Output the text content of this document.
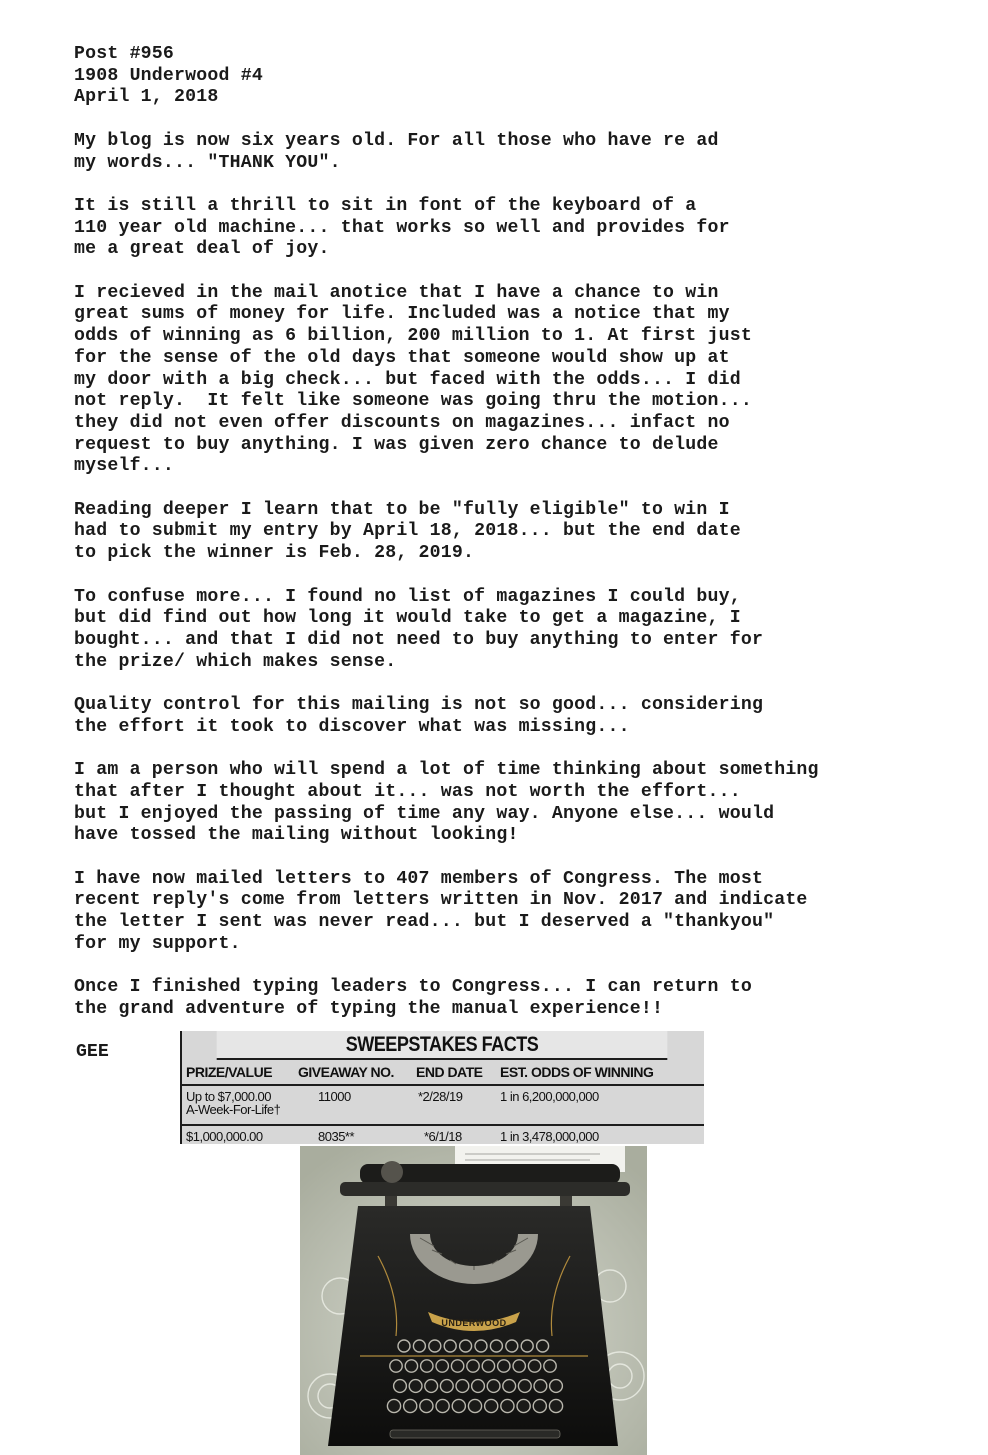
Post #956
1908 Underwood #4
April 1, 2018
My blog is now six years old. For all those who have re ad
my words... "THANK YOU".
It is still a thrill to sit in font of the keyboard of a
110 year old machine... that works so well and provides for
me a great deal of joy.
I recieved in the mail anotice that I have a chance to win
great sums of money for life. Included was a notice that my
odds of winning as 6 billion, 200 million to 1. At first just
for the sense of the old days that someone would show up at
my door with a big check... but faced with the odds... I did
not reply.  It felt like someone was going thru the motion...
they did not even offer discounts on magazines... infact no
request to buy anything. I was given zero chance to delude
myself...
Reading deeper I learn that to be "fully eligible" to win I
had to submit my entry by April 18, 2018... but the end date
to pick the winner is Feb. 28, 2019.
To confuse more... I found no list of magazines I could buy,
but did find out how long it would take to get a magazine, I
bought... and that I did not need to buy anything to enter for
the prize/ which makes sense.
Quality control for this mailing is not so good... considering
the effort it took to discover what was missing...
I am a person who will spend a lot of time thinking about something
that after I thought about it... was not worth the effort...
but I enjoyed the passing of time any way. Anyone else... would
have tossed the mailing without looking!
I have now mailed letters to 407 members of Congress. The most
recent reply's come from letters written in Nov. 2017 and indicate
the letter I sent was never read... but I deserved a "thankyou"
for my support.
Once I finished typing leaders to Congress... I can return to
the grand adventure of typing the manual experience!!
GEE	SWEEPSTAKES FACTS
PRIZE/VALUE	GIVEAWAY NO.	END DATE	EST. ODDS OF WINNING

Up to $7,000.00
A-Week-For-Life†	11000	*2/28/19	1 in 6,200,000,000
$1,000,000.00	8035**	*6/1/18	1 in 3,478,000,000
UNDERWOOD
